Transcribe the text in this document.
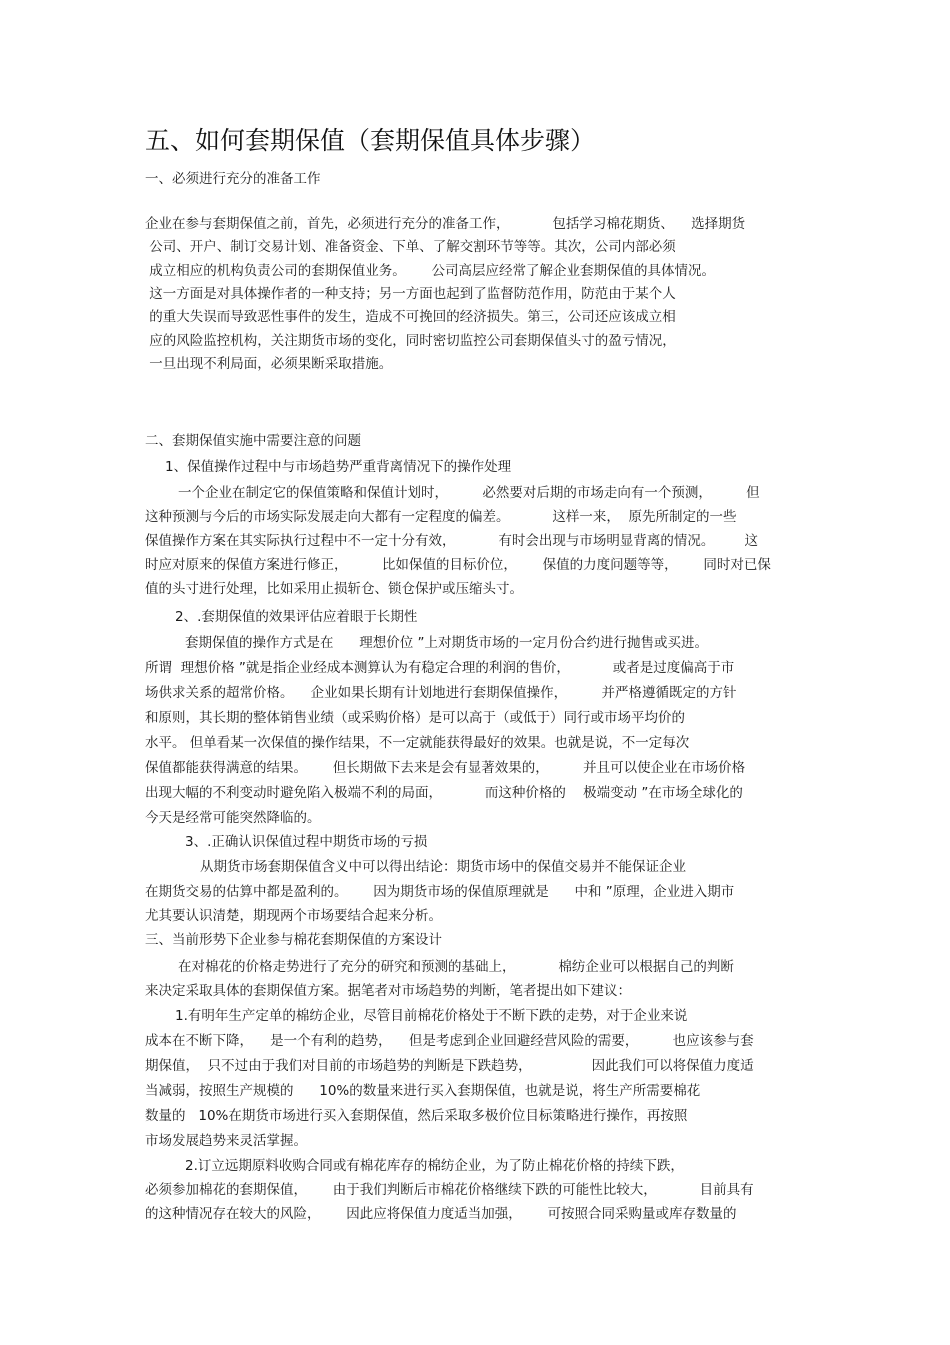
五、如何套期保值（套期保值具体步骤）
一、必须进行充分的准备工作
企业在参与套期保值之前，首先，必须进行充分的准备工作，          包括学习棉花期货、    选择期货
公司、开户、制订交易计划、准备资金、下单、了解交割环节等等。其次，公司内部必须
成立相应的机构负责公司的套期保值业务。      公司高层应经常了解企业套期保值的具体情况。
这一方面是对具体操作者的一种支持；另一方面也起到了监督防范作用，防范由于某个人
的重大失误而导致恶性事件的发生，造成不可挽回的经济损失。第三，公司还应该成立相
应的风险监控机构，关注期货市场的变化，同时密切监控公司套期保值头寸的盈亏情况，
一旦出现不利局面，必须果断采取措施。
二、套期保值实施中需要注意的问题
1、保值操作过程中与市场趋势严重背离情况下的操作处理
一个企业在制定它的保值策略和保值计划时，        必然要对后期的市场走向有一个预测，        但
这种预测与今后的市场实际发展走向大都有一定程度的偏差。          这样一来，  原先所制定的一些
保值操作方案在其实际执行过程中不一定十分有效，          有时会出现与市场明显背离的情况。       这
时应对原来的保值方案进行修正，        比如保值的目标价位，      保值的力度问题等等，      同时对已保
值的头寸进行处理，比如采用止损斩仓、锁仓保护或压缩头寸。
2、.套期保值的效果评估应着眼于长期性
套期保值的操作方式是在      理想价位 ”上对期货市场的一定月份合约进行抛售或买进。
所谓  理想价格 ”就是指企业经成本测算认为有稳定合理的利润的售价，          或者是过度偏高于市
场供求关系的超常价格。    企业如果长期有计划地进行套期保值操作，        并严格遵循既定的方针
和原则，其长期的整体销售业绩（或采购价格）是可以高于（或低于）同行或市场平均价的
水平。 但单看某一次保值的操作结果，不一定就能获得最好的效果。也就是说，不一定每次
保值都能获得满意的结果。      但长期做下去来是会有显著效果的，        并且可以使企业在市场价格
出现大幅的不利变动时避免陷入极端不利的局面，          而这种价格的    极端变动 ”在市场全球化的
今天是经常可能突然降临的。
3、.正确认识保值过程中期货市场的亏损
从期货市场套期保值含义中可以得出结论：期货市场中的保值交易并不能保证企业
在期货交易的估算中都是盈利的。      因为期货市场的保值原理就是      中和 ”原理，企业进入期市
尤其要认识清楚，期现两个市场要结合起来分析。
三、当前形势下企业参与棉花套期保值的方案设计
在对棉花的价格走势进行了充分的研究和预测的基础上，          棉纺企业可以根据自己的判断
来决定采取具体的套期保值方案。据笔者对市场趋势的判断，笔者提出如下建议：
1.有明年生产定单的棉纺企业，尽管目前棉花价格处于不断下跌的走势，对于企业来说
成本在不断下降，    是一个有利的趋势，    但是考虑到企业回避经营风险的需要，        也应该参与套
期保值，  只不过由于我们对目前的市场趋势的判断是下跌趋势，              因此我们可以将保值力度适
当减弱，按照生产规模的      10%的数量来进行买入套期保值，也就是说，将生产所需要棉花
数量的   10%在期货市场进行买入套期保值，然后采取多极价位目标策略进行操作，再按照
市场发展趋势来灵活掌握。
2.订立远期原料收购合同或有棉花库存的棉纺企业，为了防止棉花价格的持续下跌，
必须参加棉花的套期保值，      由于我们判断后市棉花价格继续下跌的可能性比较大，          目前具有
的这种情况存在较大的风险，      因此应将保值力度适当加强，      可按照合同采购量或库存数量的
